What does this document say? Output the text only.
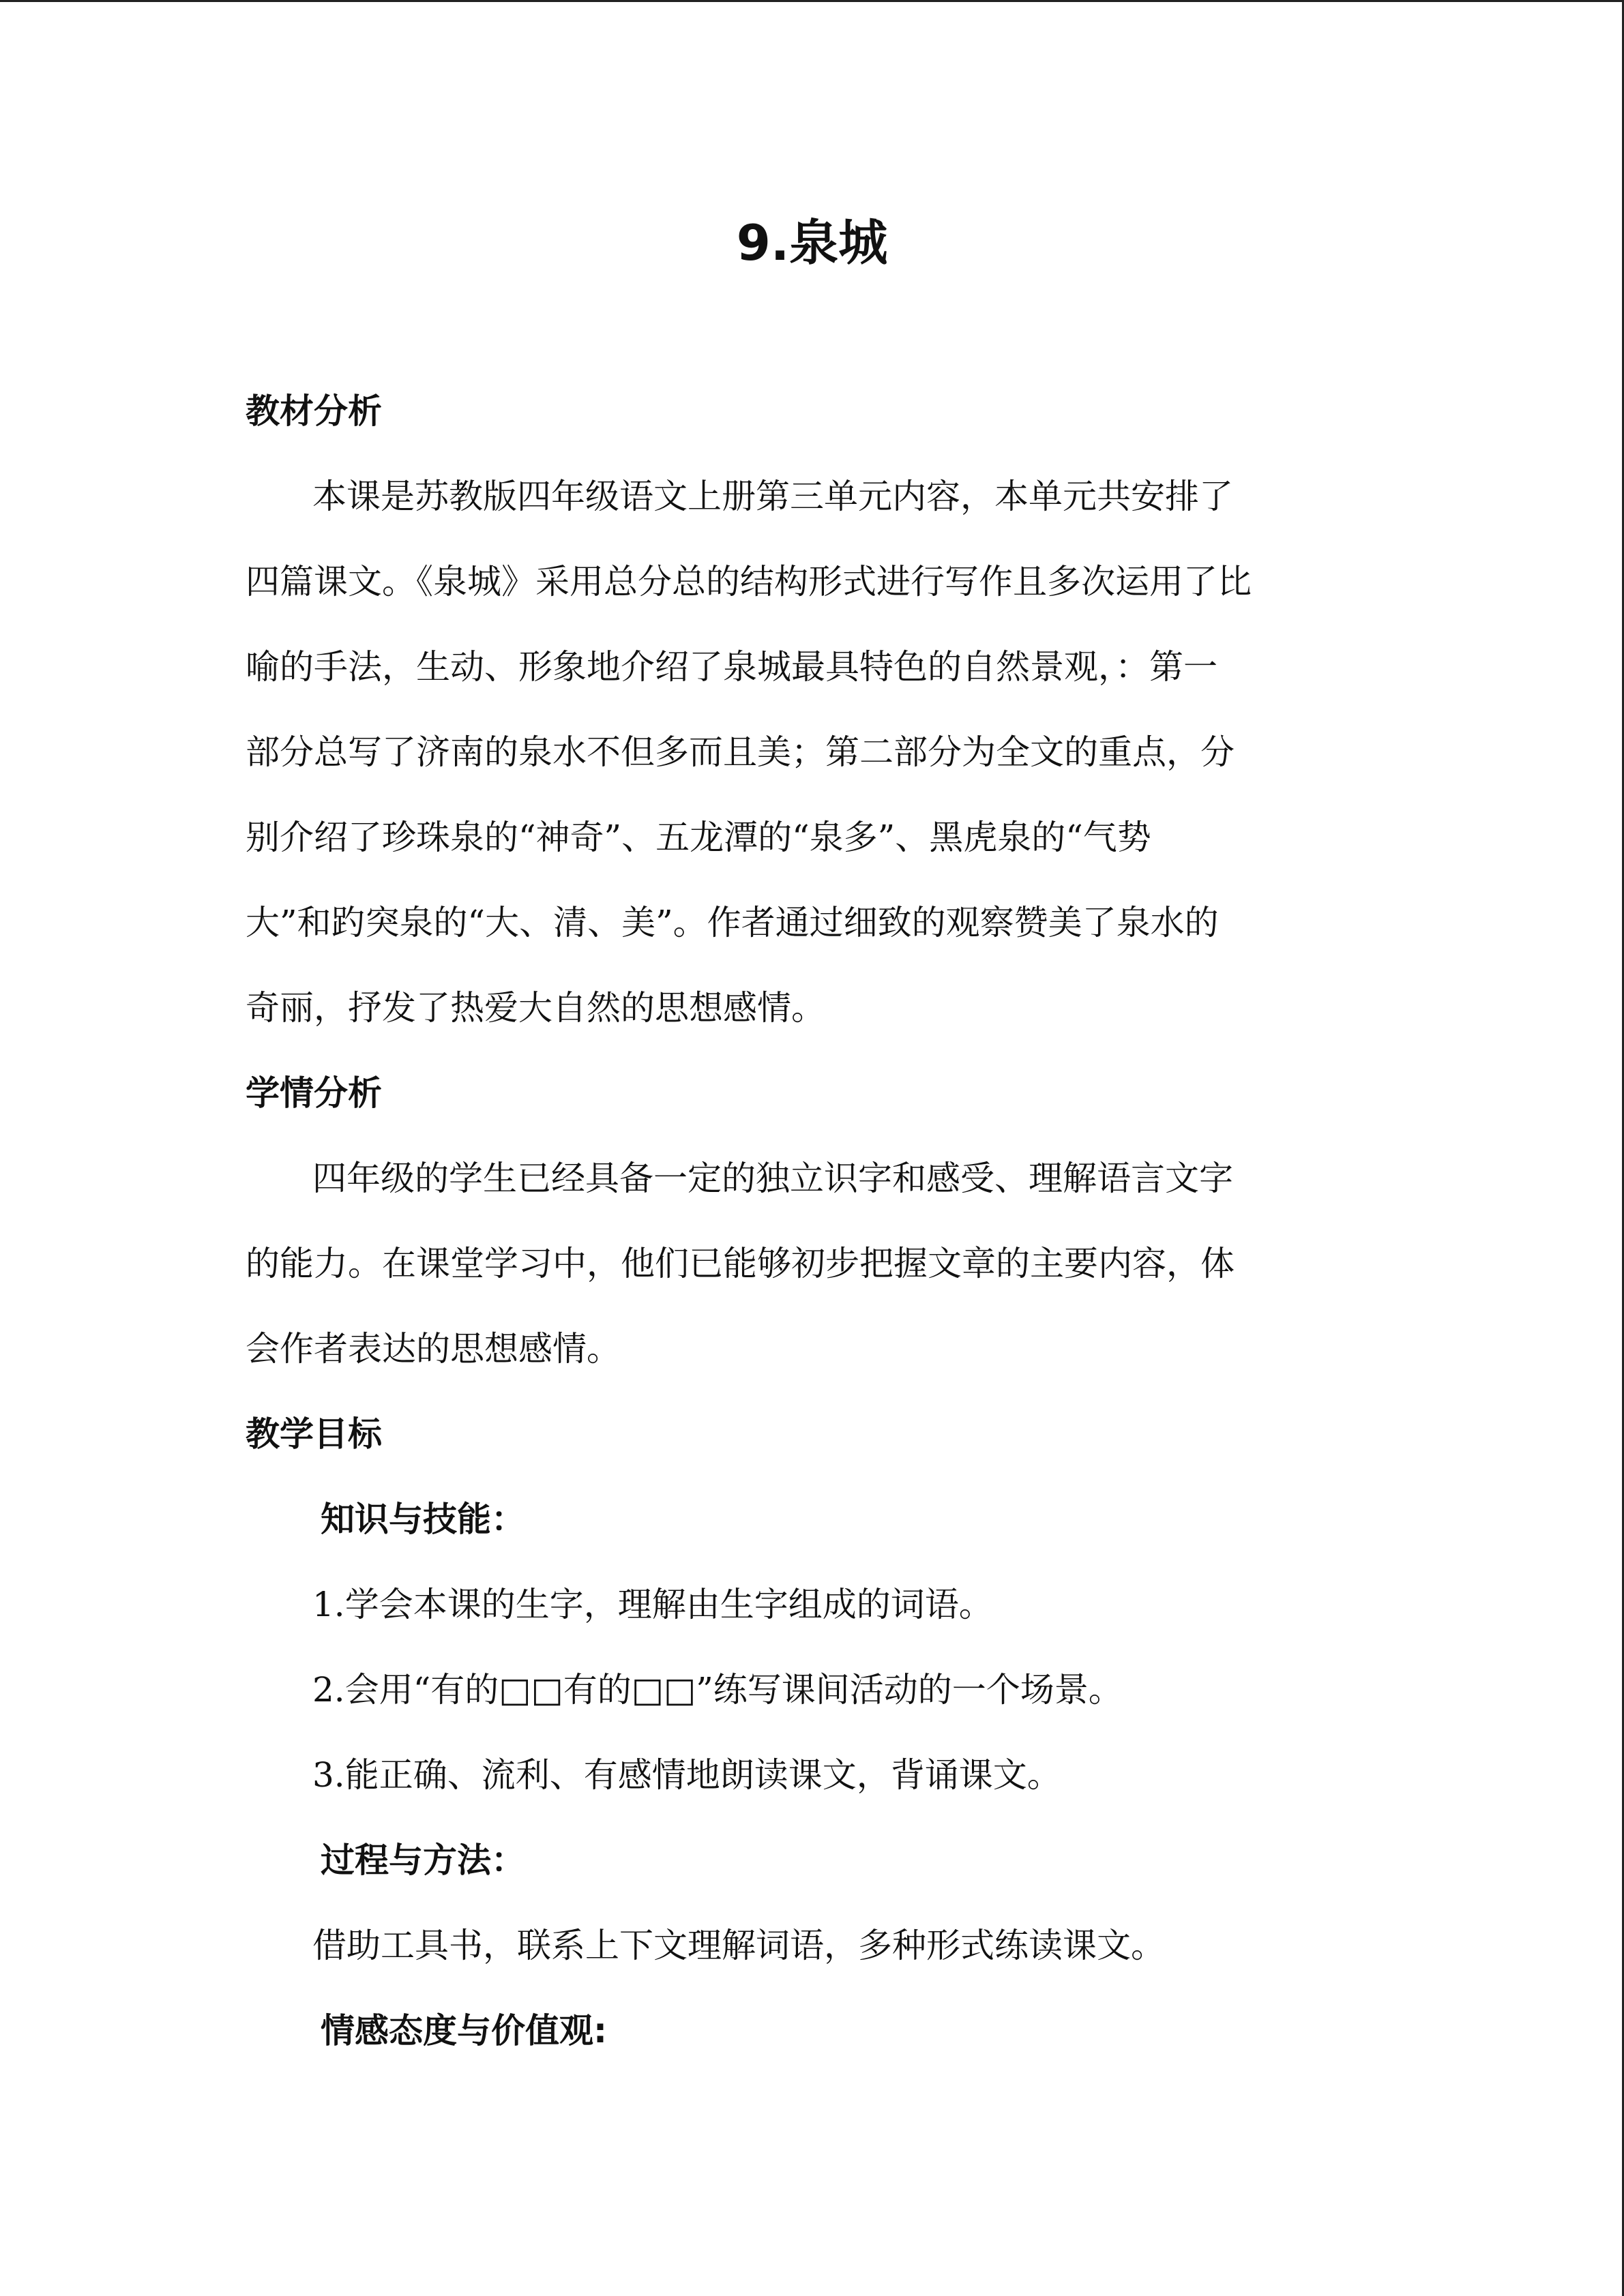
9.泉城
教材分析
本课是苏教版四年级语文上册第三单元内容，本单元共安排了
四篇课文。《泉城》采用总分总的结构形式进行写作且多次运用了比
喻的手法，生动、形象地介绍了泉城最具特色的自然景观，：第一
部分总写了济南的泉水不但多而且美；第二部分为全文的重点，分
别介绍了珍珠泉的“神奇”、五龙潭的“泉多”、黑虎泉的“气势
大”和趵突泉的“大、清、美”。作者通过细致的观察赞美了泉水的
奇丽，抒发了热爱大自然的思想感情。
学情分析
四年级的学生已经具备一定的独立识字和感受、理解语言文字
的能力。在课堂学习中，他们已能够初步把握文章的主要内容，体
会作者表达的思想感情。
教学目标
知识与技能：
1.学会本课的生字，理解由生字组成的词语。
2.会用“有的□□有的□□”练写课间活动的一个场景。
3.能正确、流利、有感情地朗读课文，背诵课文。
过程与方法：
借助工具书，联系上下文理解词语，多种形式练读课文。
情感态度与价值观:
